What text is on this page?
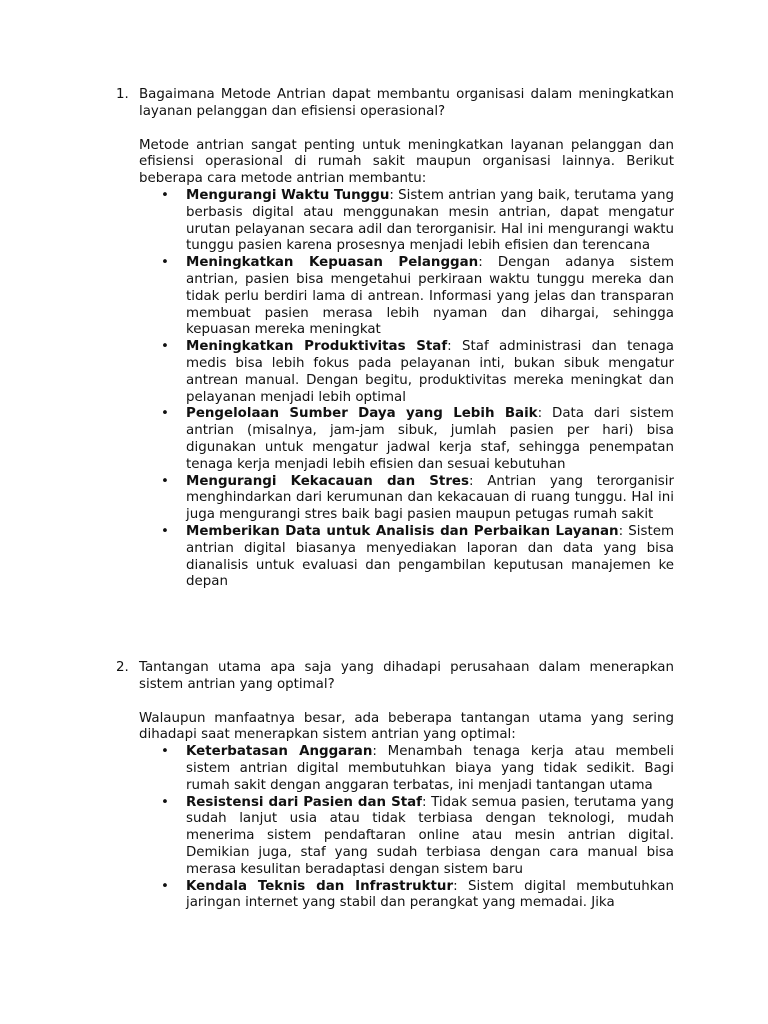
1. Bagaimana Metode Antrian dapat membantu organisasi dalam meningkatkan layanan pelanggan dan efisiensi operasional?
Metode antrian sangat penting untuk meningkatkan layanan pelanggan dan efisiensi operasional di rumah sakit maupun organisasi lainnya. Berikut beberapa cara metode antrian membantu:
• Mengurangi Waktu Tunggu: Sistem antrian yang baik, terutama yang berbasis digital atau menggunakan mesin antrian, dapat mengatur urutan pelayanan secara adil dan terorganisir. Hal ini mengurangi waktu tunggu pasien karena prosesnya menjadi lebih efisien dan terencana
• Meningkatkan Kepuasan Pelanggan: Dengan adanya sistem antrian, pasien bisa mengetahui perkiraan waktu tunggu mereka dan tidak perlu berdiri lama di antrean. Informasi yang jelas dan transparan membuat pasien merasa lebih nyaman dan dihargai, sehingga kepuasan mereka meningkat
• Meningkatkan Produktivitas Staf: Staf administrasi dan tenaga medis bisa lebih fokus pada pelayanan inti, bukan sibuk mengatur antrean manual. Dengan begitu, produktivitas mereka meningkat dan pelayanan menjadi lebih optimal
• Pengelolaan Sumber Daya yang Lebih Baik: Data dari sistem antrian (misalnya, jam-jam sibuk, jumlah pasien per hari) bisa digunakan untuk mengatur jadwal kerja staf, sehingga penempatan tenaga kerja menjadi lebih efisien dan sesuai kebutuhan
• Mengurangi Kekacauan dan Stres: Antrian yang terorganisir menghindarkan dari kerumunan dan kekacauan di ruang tunggu. Hal ini juga mengurangi stres baik bagi pasien maupun petugas rumah sakit
• Memberikan Data untuk Analisis dan Perbaikan Layanan: Sistem antrian digital biasanya menyediakan laporan dan data yang bisa dianalisis untuk evaluasi dan pengambilan keputusan manajemen ke depan
2. Tantangan utama apa saja yang dihadapi perusahaan dalam menerapkan sistem antrian yang optimal?
Walaupun manfaatnya besar, ada beberapa tantangan utama yang sering dihadapi saat menerapkan sistem antrian yang optimal:
• Keterbatasan Anggaran: Menambah tenaga kerja atau membeli sistem antrian digital membutuhkan biaya yang tidak sedikit. Bagi rumah sakit dengan anggaran terbatas, ini menjadi tantangan utama
• Resistensi dari Pasien dan Staf: Tidak semua pasien, terutama yang sudah lanjut usia atau tidak terbiasa dengan teknologi, mudah menerima sistem pendaftaran online atau mesin antrian digital. Demikian juga, staf yang sudah terbiasa dengan cara manual bisa merasa kesulitan beradaptasi dengan sistem baru
• Kendala Teknis dan Infrastruktur: Sistem digital membutuhkan jaringan internet yang stabil dan perangkat yang memadai. Jika
